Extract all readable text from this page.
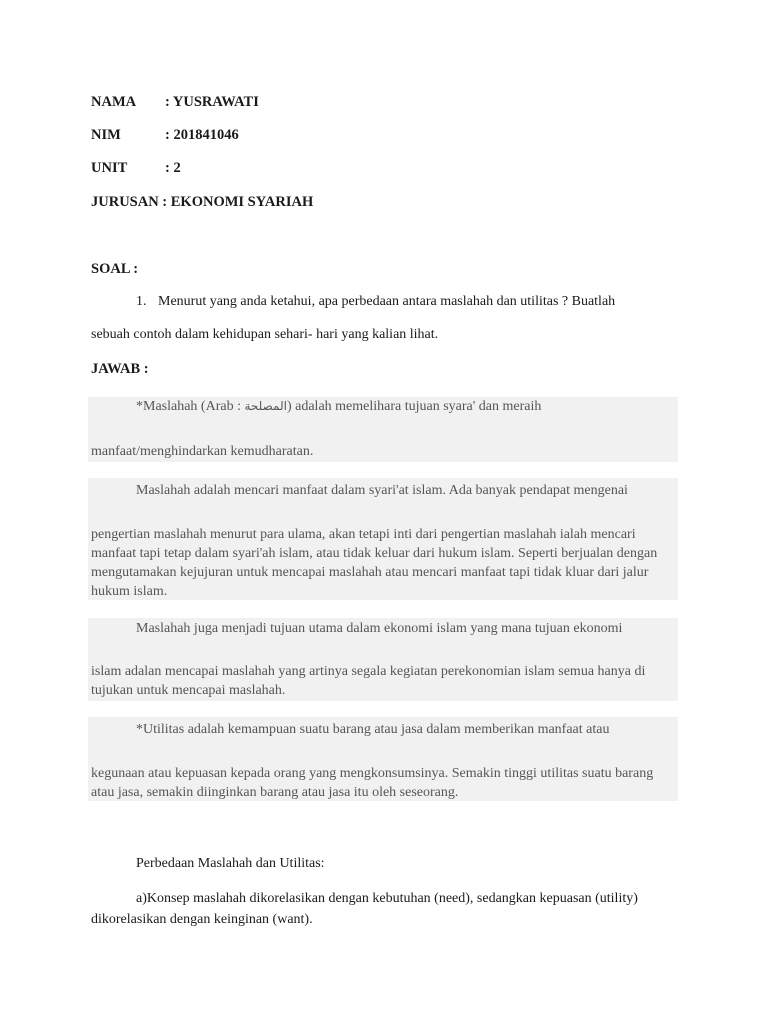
NAMA : YUSRAWATI
NIM	: 201841046
UNIT	: 2
JURUSAN : EKONOMI SYARIAH
SOAL :
1. Menurut yang anda ketahui, apa perbedaan antara maslahah dan utilitas ? Buatlah
sebuah contoh dalam kehidupan sehari- hari yang kalian lihat.
JAWAB :
*Maslahah (Arab : المصلحة) adalah memelihara tujuan syara' dan meraih
manfaat/menghindarkan kemudharatan.
Maslahah adalah mencari manfaat dalam syari'at islam. Ada banyak pendapat mengenai
pengertian maslahah menurut para ulama, akan tetapi inti dari pengertian maslahah ialah mencari manfaat tapi tetap dalam syari'ah islam, atau tidak keluar dari hukum islam. Seperti berjualan dengan mengutamakan kejujuran untuk mencapai maslahah atau mencari manfaat tapi tidak kluar dari jalur hukum islam.
Maslahah juga menjadi tujuan utama dalam ekonomi islam yang mana tujuan ekonomi
islam adalan mencapai maslahah yang artinya segala kegiatan perekonomian islam semua hanya di tujukan untuk mencapai maslahah.
*Utilitas adalah kemampuan suatu barang atau jasa dalam memberikan manfaat atau
kegunaan atau kepuasan kepada orang yang mengkonsumsinya. Semakin tinggi utilitas suatu barang atau jasa, semakin diinginkan barang atau jasa itu oleh seseorang.
Perbedaan Maslahah dan Utilitas:
a)Konsep maslahah dikorelasikan dengan kebutuhan (need), sedangkan kepuasan (utility)
dikorelasikan dengan keinginan (want).
